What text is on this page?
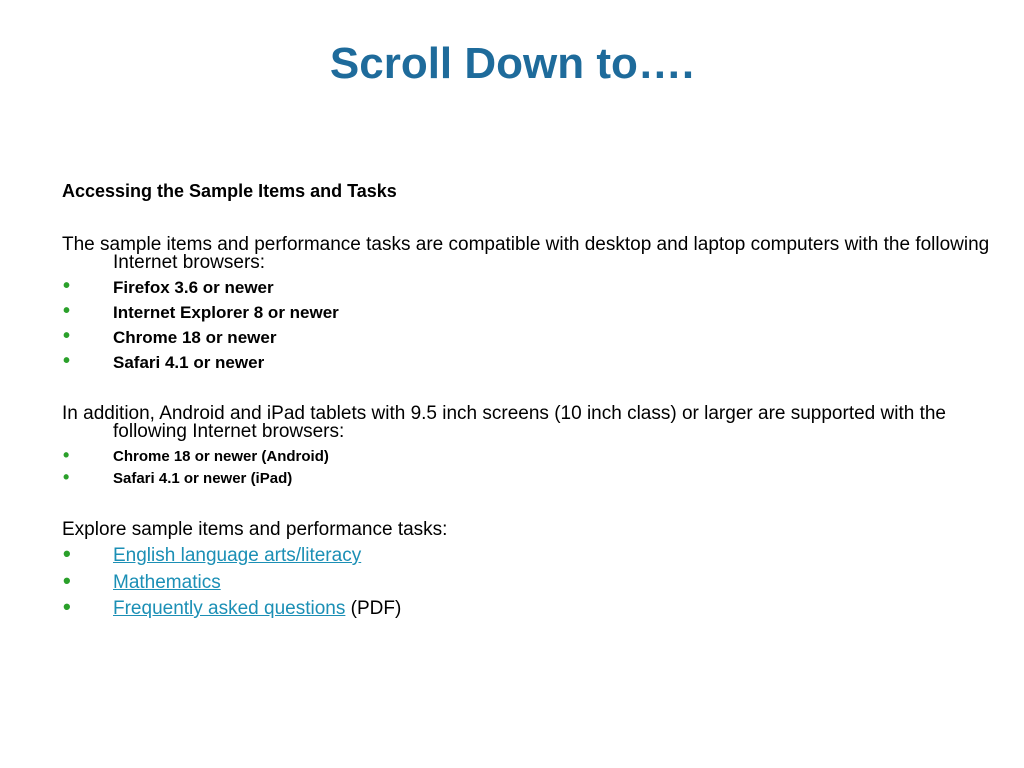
Scroll Down to….
Accessing the Sample Items and Tasks
The sample items and performance tasks are compatible with desktop and laptop computers with the following Internet browsers:
•	Firefox 3.6 or newer
•	Internet Explorer 8 or newer
•	Chrome 18 or newer
•	Safari 4.1 or newer
In addition, Android and iPad tablets with 9.5 inch screens (10 inch class) or larger are supported with the following Internet browsers:
•	Chrome 18 or newer (Android)
•	Safari 4.1 or newer (iPad)
Explore sample items and performance tasks:
• English language arts/literacy
• Mathematics
• Frequently asked questions (PDF)
